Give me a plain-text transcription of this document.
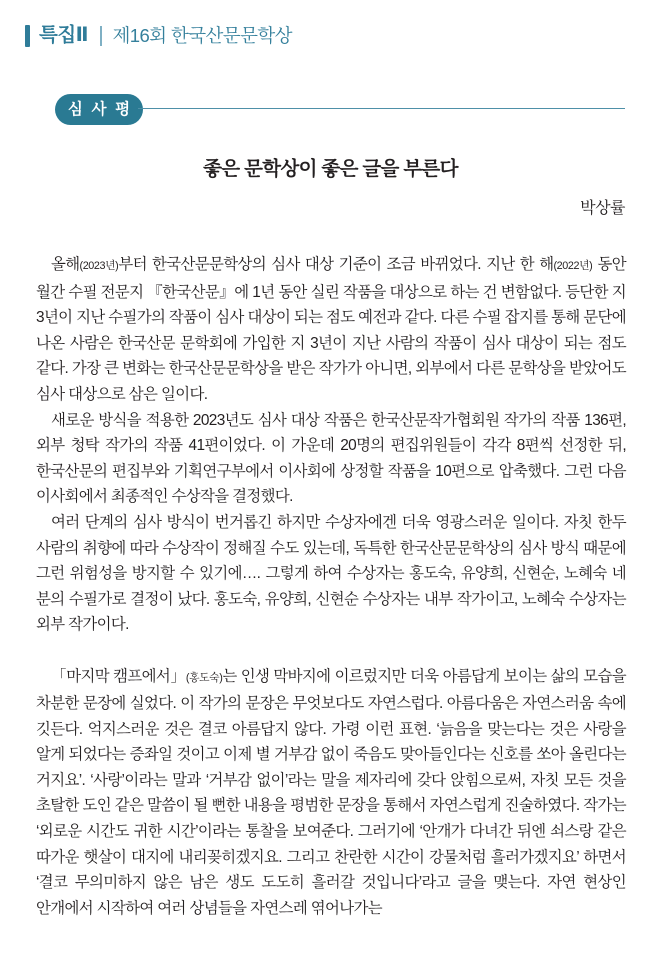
특집Ⅱ 제16회 한국산문문학상
심 사 평
좋은 문학상이 좋은 글을 부른다
박상률

올해(2023년)부터 한국산문문학상의 심사 대상 기준이 조금 바뀌었다. 지난 한 해(2022년) 동안 월간 수필 전문지 『한국산문』에 1년 동안 실린 작품을 대상으로 하는 건 변함없다. 등단한 지 3년이 지난 수필가의 작품이 심사 대상이 되는 점도 예전과 같다. 다른 수필 잡지를 통해 문단에 나온 사람은 한국산문 문학회에 가입한 지 3년이 지난 사람의 작품이 심사 대상이 되는 점도 같다. 가장 큰 변화는 한국산문문학상을 받은 작가가 아니면, 외부에서 다른 문학상을 받았어도 심사 대상으로 삼은 일이다.

새로운 방식을 적용한 2023년도 심사 대상 작품은 한국산문작가협회원 작가의 작품 136편, 외부 청탁 작가의 작품 41편이었다. 이 가운데 20명의 편집위원들이 각각 8편씩 선정한 뒤, 한국산문의 편집부와 기획연구부에서 이사회에 상정할 작품을 10편으로 압축했다. 그런 다음 이사회에서 최종적인 수상작을 결정했다.

여러 단계의 심사 방식이 번거롭긴 하지만 수상자에겐 더욱 영광스러운 일이다. 자칫 한두 사람의 취향에 따라 수상작이 정해질 수도 있는데, 독특한 한국산문문학상의 심사 방식 때문에 그런 위험성을 방지할 수 있기에…. 그렇게 하여 수상자는 홍도숙, 유양희, 신현순, 노혜숙 네 분의 수필가로 결정이 났다. 홍도숙, 유양희, 신현순 수상자는 내부 작가이고, 노혜숙 수상자는 외부 작가이다.

「마지막 캠프에서」(홍도숙)는 인생 막바지에 이르렀지만 더욱 아름답게 보이는 삶의 모습을 차분한 문장에 실었다. 이 작가의 문장은 무엇보다도 자연스럽다. 아름다움은 자연스러움 속에 깃든다. 억지스러운 것은 결코 아름답지 않다. 가령 이런 표현. ‘늙음을 맞는다는 것은 사랑을 알게 되었다는 증좌일 것이고 이제 별 거부감 없이 죽음도 맞아들인다는 신호를 쏘아 올린다는 거지요’. ‘사랑’이라는 말과 ‘거부감 없이’라는 말을 제자리에 갖다 앉힘으로써, 자칫 모든 것을 초탈한 도인 같은 말씀이 될 뻔한 내용을 평범한 문장을 통해서 자연스럽게 진술하였다. 작가는 ‘외로운 시간도 귀한 시간’이라는 통찰을 보여준다. 그러기에 ‘안개가 다녀간 뒤엔 쇠스랑 같은 따가운 햇살이 대지에 내리꽂히겠지요. 그리고 찬란한 시간이 강물처럼 흘러가겠지요’ 하면서 ‘결코 무의미하지 않은 남은 생도 도도히 흘러갈 것입니다’라고 글을 맺는다. 자연 현상인 안개에서 시작하여 여러 상념들을 자연스레 엮어나가는
